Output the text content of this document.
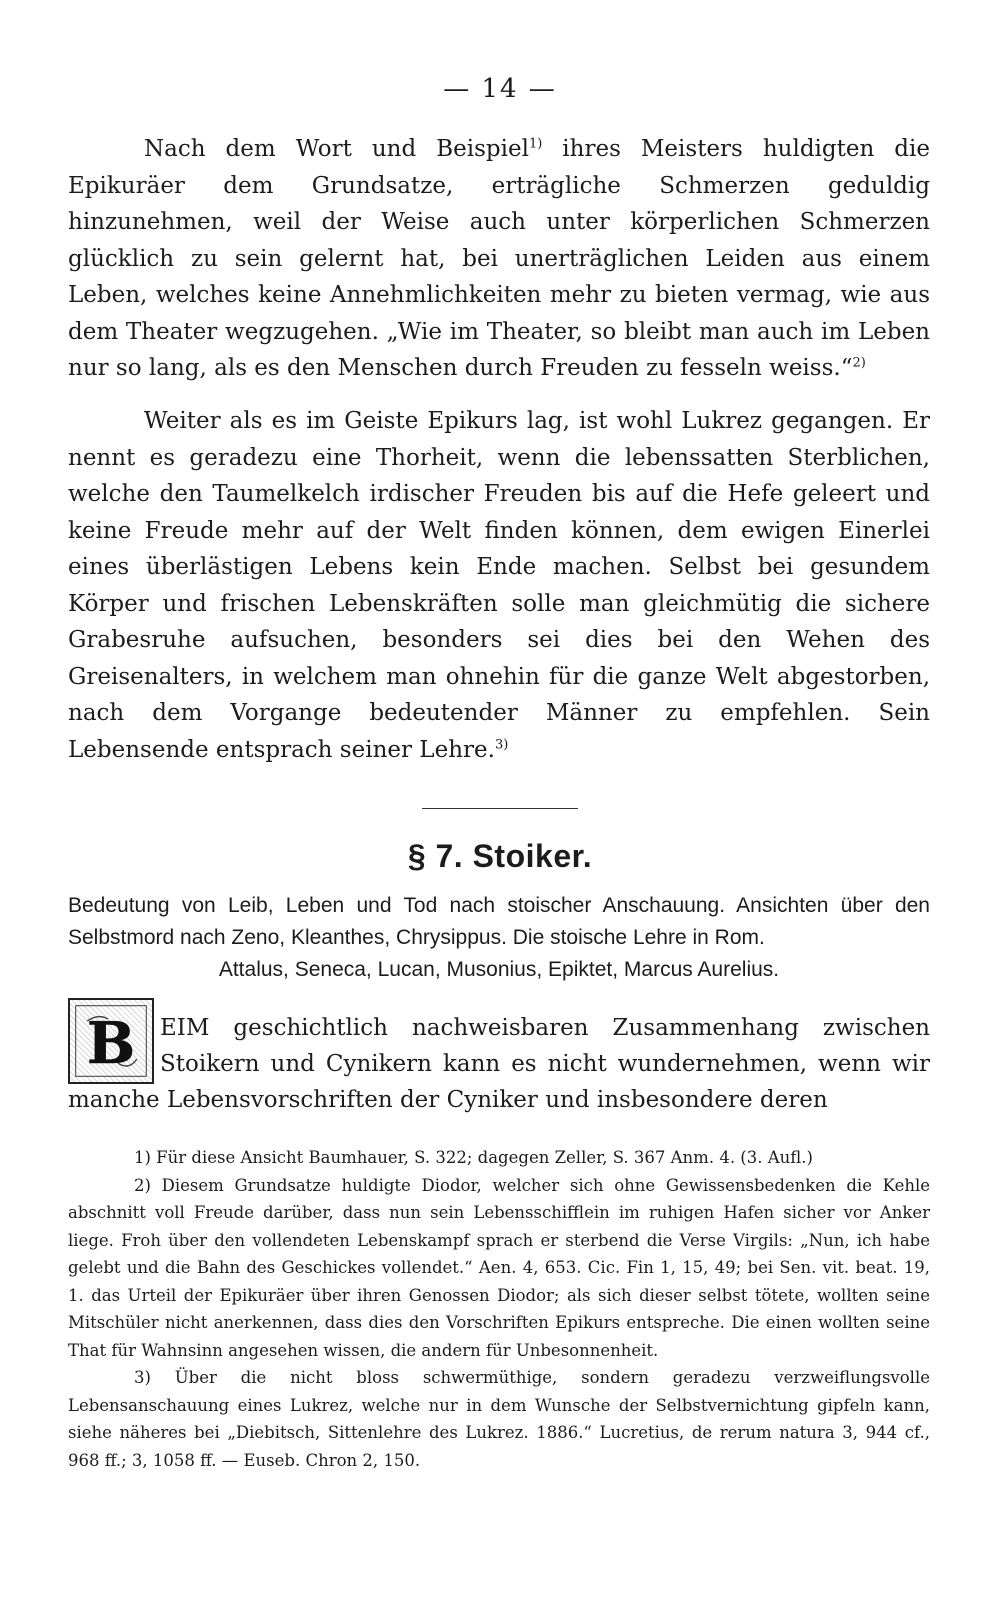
— 14 —

Nach dem Wort und Beispiel$^{1)}$ ihres Meisters huldigten die Epikuräer dem Grundsatze, erträgliche Schmerzen geduldig hinzunehmen, weil der Weise auch unter körperlichen Schmerzen glücklich zu sein gelernt hat, bei unerträglichen Leiden aus einem Leben, welches keine Annehmlichkeiten mehr zu bieten vermag, wie aus dem Theater wegzugehen. „Wie im Theater, so bleibt man auch im Leben nur so lang, als es den Menschen durch Freuden zu fesseln weiss.“$^{2)}$

Weiter als es im Geiste Epikurs lag, ist wohl Lukrez gegangen. Er nennt es geradezu eine Thorheit, wenn die lebenssatten Sterblichen, welche den Taumelkelch irdischer Freuden bis auf die Hefe geleert und keine Freude mehr auf der Welt finden können, dem ewigen Einerlei eines überlästigen Lebens kein Ende machen. Selbst bei gesundem Körper und frischen Lebenskräften solle man gleichmütig die sichere Grabesruhe aufsuchen, besonders sei dies bei den Wehen des Greisenalters, in welchem man ohnehin für die ganze Welt abgestorben, nach dem Vorgange bedeutender Männer zu empfehlen. Sein Lebensende entsprach seiner Lehre.$^{3)}$

§ 7. Stoiker.
Bedeutung von Leib, Leben und Tod nach stoischer Anschauung. Ansichten über den Selbstmord nach Zeno, Kleanthes, Chrysippus. Die stoische Lehre in Rom.
Attalus, Seneca, Lucan, Musonius, Epiktet, Marcus Aurelius.
B	EIM geschichtlich nachweisbaren Zusammenhang zwischen Stoikern und Cynikern kann es nicht wundernehmen, wenn wir manche Lebensvorschriften der Cyniker und insbesondere deren

1) Für diese Ansicht Baumhauer, S. 322; dagegen Zeller, S. 367 Anm. 4. (3. Aufl.)

2) Diesem Grundsatze huldigte Diodor, welcher sich ohne Gewissensbedenken die Kehle abschnitt voll Freude darüber, dass nun sein Lebensschifflein im ruhigen Hafen sicher vor Anker liege. Froh über den vollendeten Lebenskampf sprach er sterbend die Verse Virgils: „Nun, ich habe gelebt und die Bahn des Geschickes vollendet.“ Aen. 4, 653. Cic. Fin 1, 15, 49; bei Sen. vit. beat. 19, 1. das Urteil der Epikuräer über ihren Genossen Diodor; als sich dieser selbst tötete, wollten seine Mitschüler nicht anerkennen, dass dies den Vorschriften Epikurs entspreche. Die einen wollten seine That für Wahnsinn angesehen wissen, die andern für Unbesonnenheit.

3) Über die nicht bloss schwermüthige, sondern geradezu verzweiflungsvolle Lebensanschauung eines Lukrez, welche nur in dem Wunsche der Selbstvernichtung gipfeln kann, siehe näheres bei „Diebitsch, Sittenlehre des Lukrez. 1886.“ Lucretius, de rerum natura 3, 944 cf., 968 ff.; 3, 1058 ff. — Euseb. Chron 2, 150.
